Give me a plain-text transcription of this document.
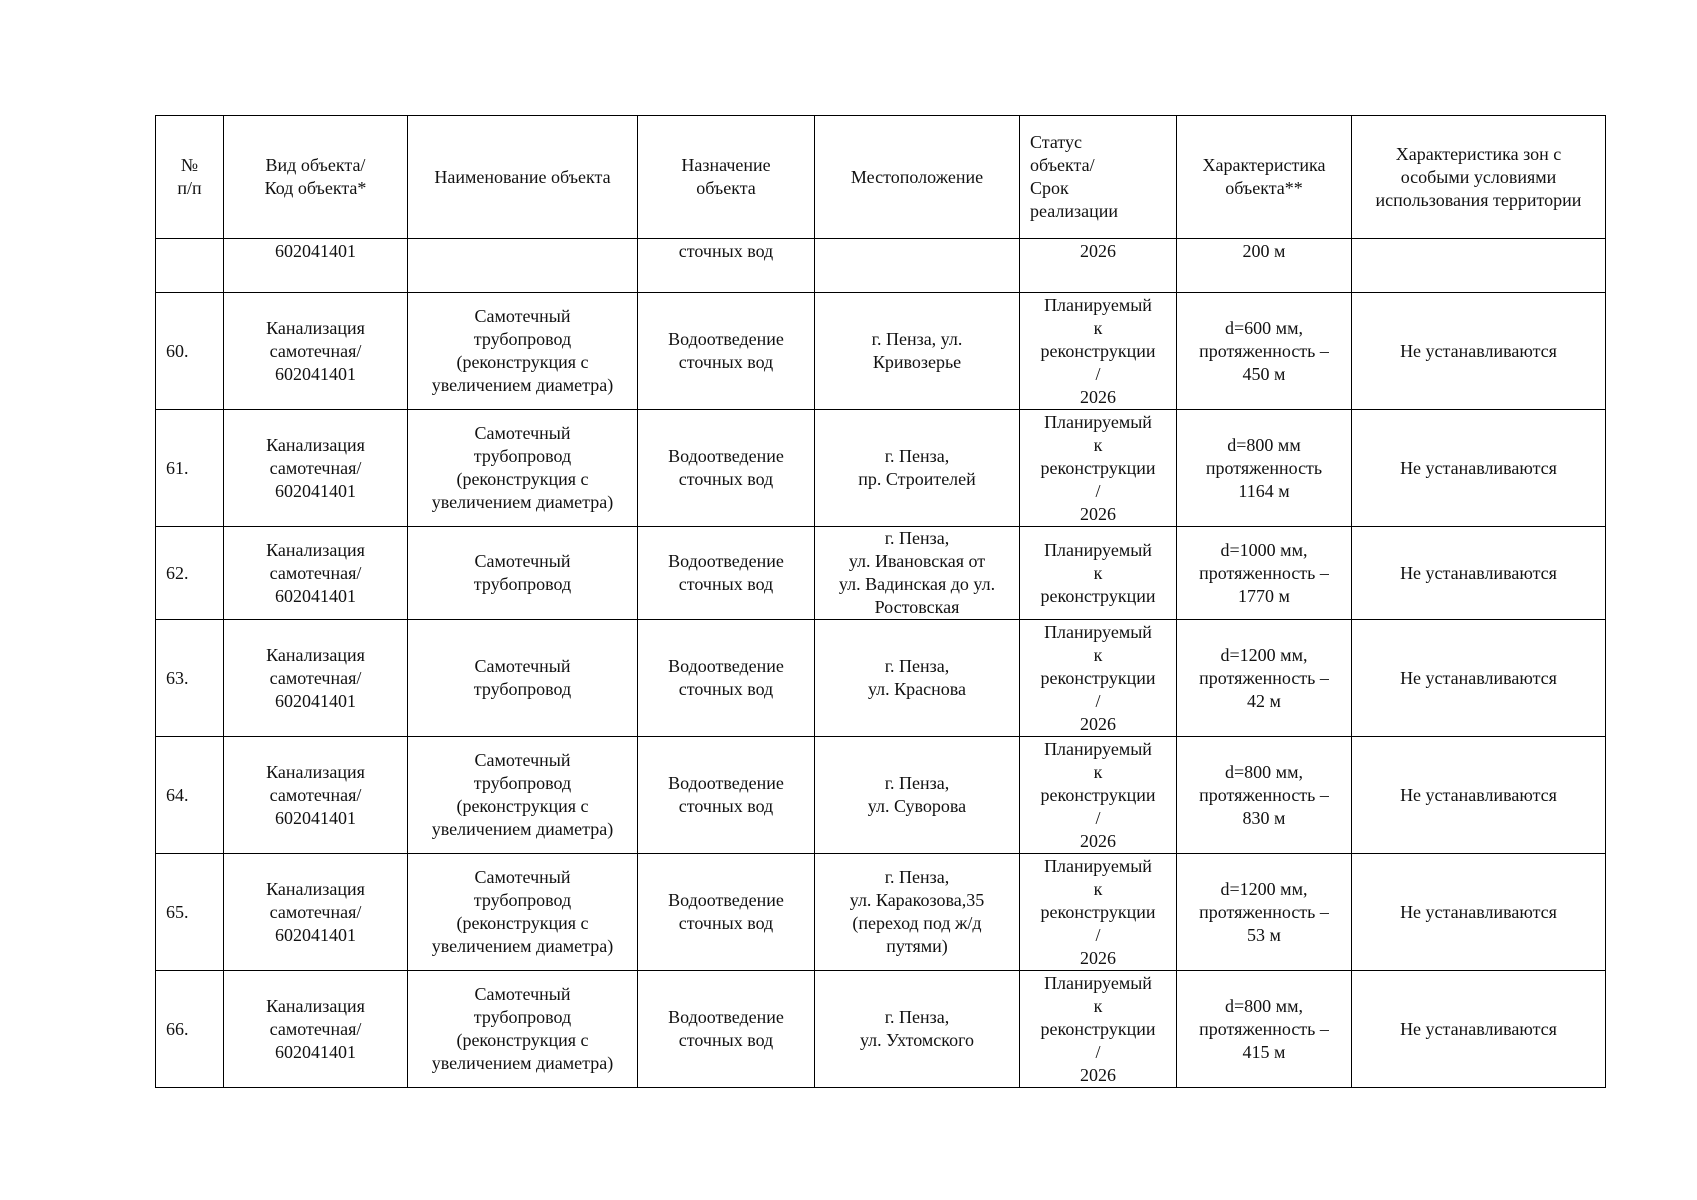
№
п/п	Вид объекта/
Код объекта*	Наименование объекта	Назначение
объекта	Местоположение	Статус
объекта/
Срок
реализации	Характеристика
объекта**	Характеристика зон с
особыми условиями
использования территории

	602041401		сточных вод		2026	200 м	

60.	Канализация
самотечная/
602041401	Самотечный
трубопровод
(реконструкция с
увеличением диаметра)	Водоотведение
сточных вод	г. Пенза, ул.
Кривозерье	Планируемый
к
реконструкции
/
2026	d=600 мм,
протяженность –
450 м	Не устанавливаются

61.	Канализация
самотечная/
602041401	Самотечный
трубопровод
(реконструкция с
увеличением диаметра)	Водоотведение
сточных вод	г. Пенза,
пр. Строителей	Планируемый
к
реконструкции
/
2026	d=800 мм
протяженность
1164 м	Не устанавливаются

62.	Канализация
самотечная/
602041401	Самотечный
трубопровод	Водоотведение
сточных вод	г. Пенза,
ул. Ивановская от
ул. Вадинская до ул.
Ростовская	Планируемый
к
реконструкции	d=1000 мм,
протяженность –
1770 м	Не устанавливаются

63.	Канализация
самотечная/
602041401	Самотечный
трубопровод	Водоотведение
сточных вод	г. Пенза,
ул. Краснова	Планируемый
к
реконструкции
/
2026	d=1200 мм,
протяженность –
42 м	Не устанавливаются

64.	Канализация
самотечная/
602041401	Самотечный
трубопровод
(реконструкция с
увеличением диаметра)	Водоотведение
сточных вод	г. Пенза,
ул. Суворова	Планируемый
к
реконструкции
/
2026	d=800 мм,
протяженность –
830 м	Не устанавливаются

65.	Канализация
самотечная/
602041401	Самотечный
трубопровод
(реконструкция с
увеличением диаметра)	Водоотведение
сточных вод	г. Пенза,
ул. Каракозова,35
(переход под ж/д
путями)	Планируемый
к
реконструкции
/
2026	d=1200 мм,
протяженность –
53 м	Не устанавливаются

66.	Канализация
самотечная/
602041401	Самотечный
трубопровод
(реконструкция с
увеличением диаметра)	Водоотведение
сточных вод	г. Пенза,
ул. Ухтомского	Планируемый
к
реконструкции
/
2026	d=800 мм,
протяженность –
415 м	Не устанавливаются
